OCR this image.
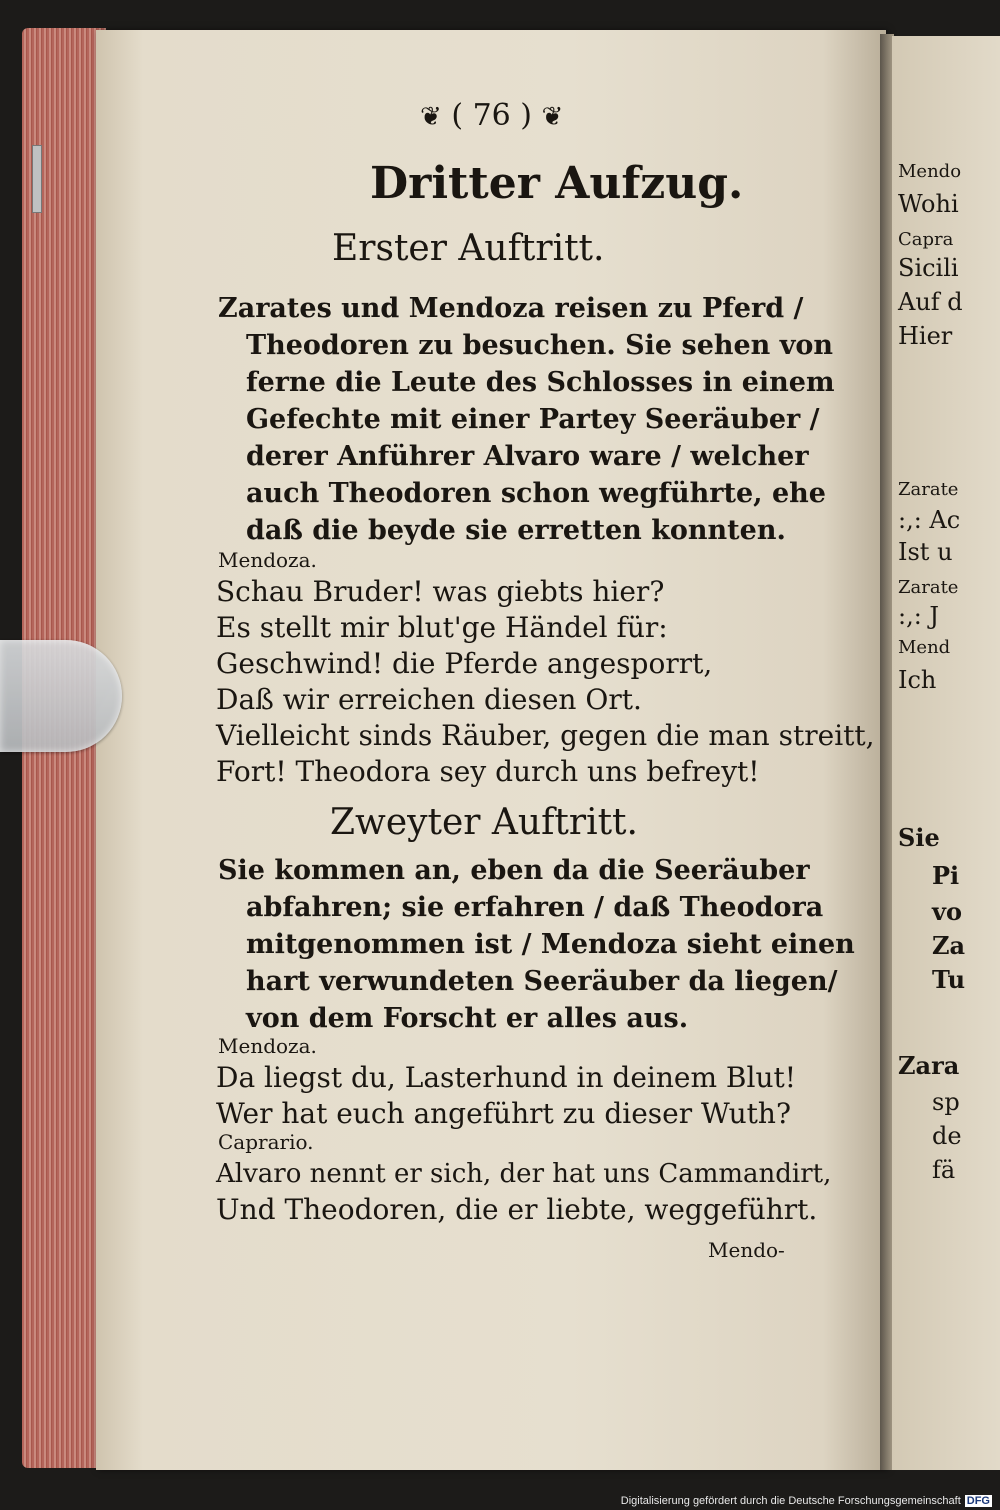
Mendo
Wohi
Capra
Sicili
Auf d
Hier
Zarate
:,: Ac
Ist u
Zarate
:,: J
Mend
Ich
Sie
Pi
vo
Za
Tu
Zara
sp
de
fä
❦ ( 76 ) ❦
Dritter Aufzug.
Erster Auftritt.
Zarates und Mendoza reisen zu Pferd /
Theodoren zu besuchen. Sie sehen von
ferne die Leute des Schlosses in einem
Gefechte mit einer Partey Seeräuber /
derer Anführer Alvaro ware / welcher
auch Theodoren schon wegführte, ehe
daß die beyde sie erretten konnten.
Mendoza.
Schau Bruder! was giebts hier?
Es stellt mir blut'ge Händel für:
Geschwind! die Pferde angesporrt,
Daß wir erreichen diesen Ort.
Vielleicht sinds Räuber, gegen die man streitt,
Fort! Theodora sey durch uns befreyt!
Zweyter Auftritt.
Sie kommen an, eben da die Seeräuber
abfahren; sie erfahren / daß Theodora
mitgenommen ist / Mendoza sieht einen
hart verwundeten Seeräuber da liegen/
von dem Forscht er alles aus.
Mendoza.
Da liegst du, Lasterhund in deinem Blut!
Wer hat euch angeführt zu dieser Wuth?
Caprario.
Alvaro nennt er sich, der hat uns Cammandirt,
Und Theodoren, die er liebte, weggeführt.
Mendo-
Digitalisierung gefördert durch die Deutsche Forschungsgemeinschaft DFG
